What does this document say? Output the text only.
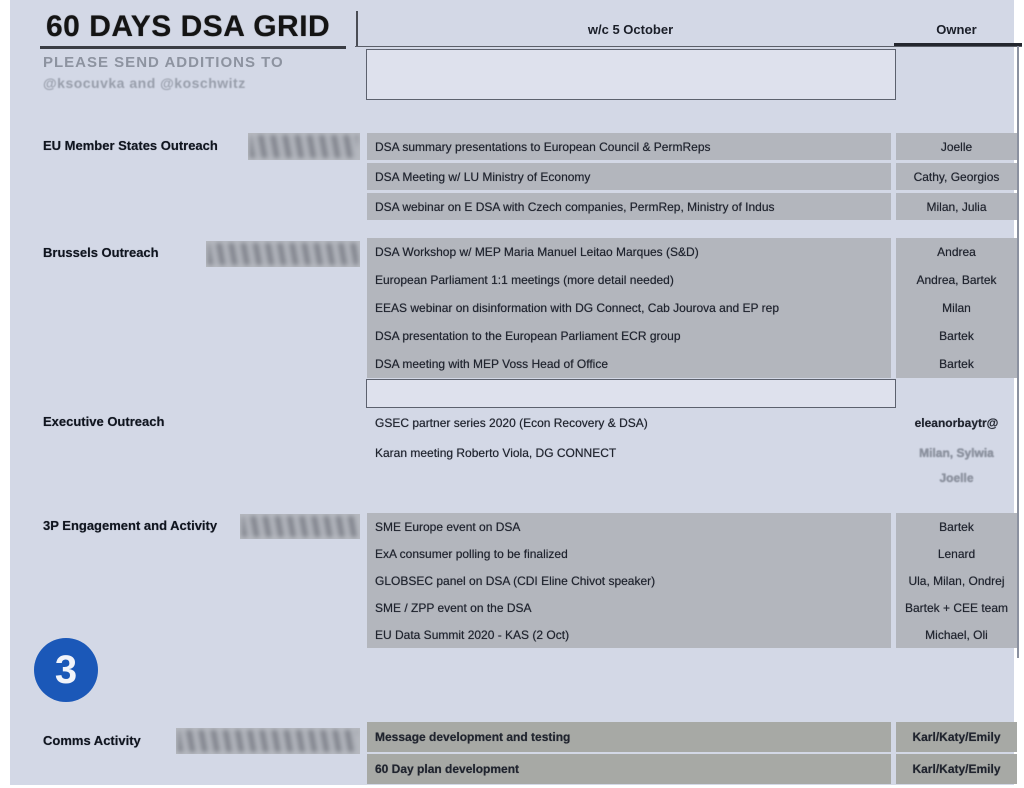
60 DAYS DSA GRID
PLEASE SEND ADDITIONS TO
@ksocuvka and @koschwitz
w/c 5 October	Owner
EU Member States Outreach	DSA summary presentations to European Council & PermReps	Joelle
DSA Meeting w/ LU Ministry of Economy	Cathy, Georgios
DSA webinar on E DSA with Czech companies, PermRep, Ministry of Indus	Milan, Julia
Brussels Outreach	DSA Workshop w/ MEP Maria Manuel Leitao Marques (S&D)	Andrea
European Parliament 1:1 meetings (more detail needed)	Andrea, Bartek
EEAS webinar on disinformation with DG Connect, Cab Jourova and EP rep	Milan
DSA presentation to the European Parliament ECR group	Bartek
DSA meeting with MEP Voss Head of Office	Bartek
Executive Outreach	GSEC partner series 2020 (Econ Recovery & DSA)	eleanorbaytr@
Karan meeting Roberto Viola, DG CONNECT	Milan, Sylwia
Joelle
3P Engagement and Activity	SME Europe event on DSA	Bartek
ExA consumer polling to be finalized	Lenard
GLOBSEC panel on DSA (CDI Eline Chivot speaker)	Ula, Milan, Ondrej
SME / ZPP event on the DSA	Bartek + CEE team
EU Data Summit 2020 - KAS (2 Oct)	Michael, Oli
3
Comms Activity	Message development and testing	Karl/Katy/Emily
60 Day plan development	Karl/Katy/Emily
